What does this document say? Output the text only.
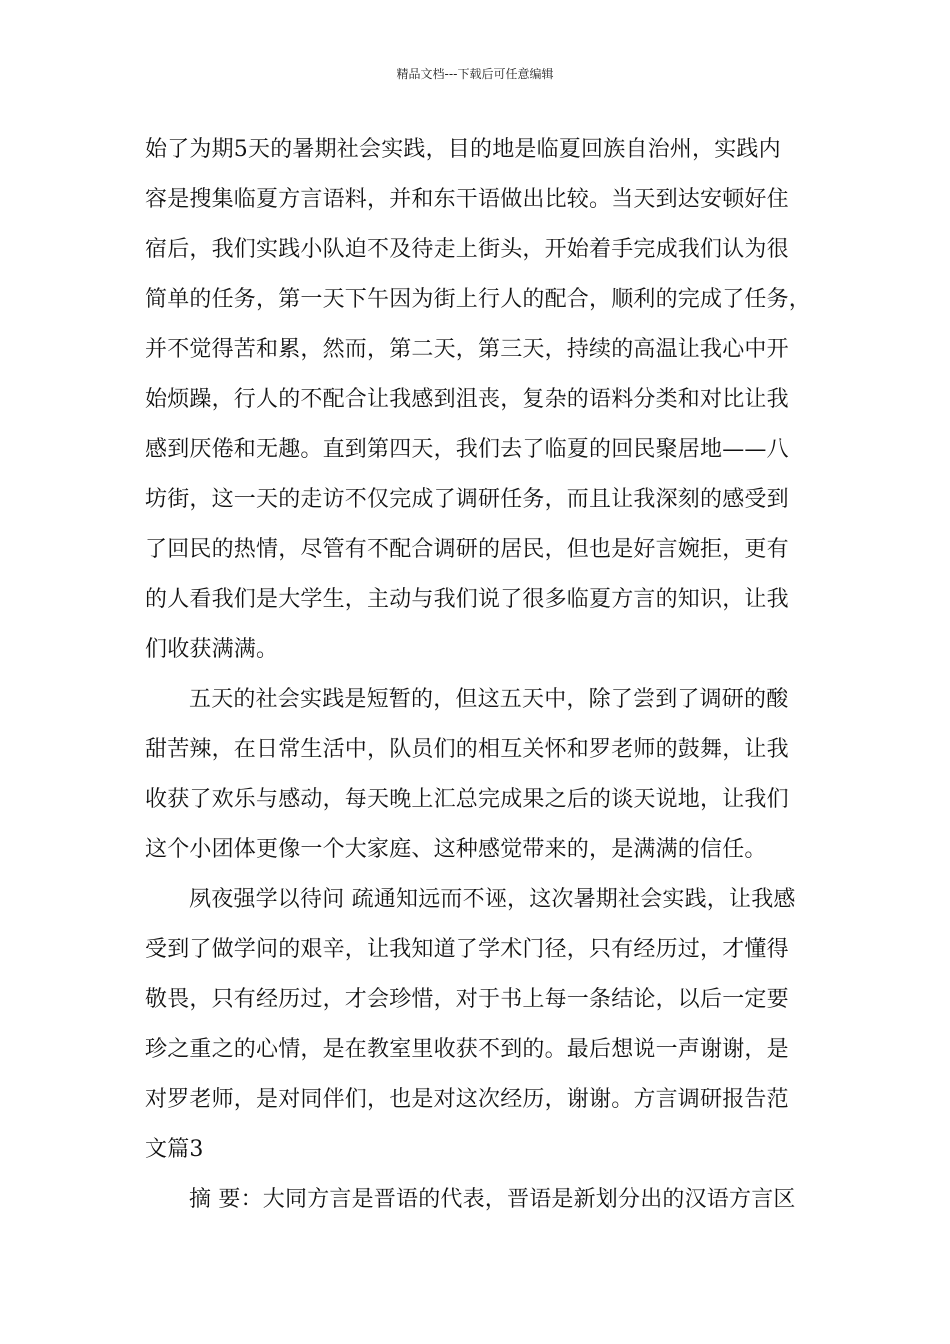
精品文档---下载后可任意编辑
始了为期5天的暑期社会实践，目的地是临夏回族自治州，实践内
容是搜集临夏方言语料，并和东干语做出比较。当天到达安顿好住
宿后，我们实践小队迫不及待走上街头，开始着手完成我们认为很
简单的任务，第一天下午因为街上行人的配合，顺利的完成了任务，
并不觉得苦和累，然而，第二天，第三天，持续的高温让我心中开
始烦躁，行人的不配合让我感到沮丧，复杂的语料分类和对比让我
感到厌倦和无趣。直到第四天，我们去了临夏的回民聚居地——八
坊街，这一天的走访不仅完成了调研任务，而且让我深刻的感受到
了回民的热情，尽管有不配合调研的居民，但也是好言婉拒，更有
的人看我们是大学生，主动与我们说了很多临夏方言的知识，让我
们收获满满。
五天的社会实践是短暂的，但这五天中，除了尝到了调研的酸
甜苦辣，在日常生活中，队员们的相互关怀和罗老师的鼓舞，让我
收获了欢乐与感动，每天晚上汇总完成果之后的谈天说地，让我们
这个小团体更像一个大家庭、这种感觉带来的，是满满的信任。
夙夜强学以待问 疏通知远而不诬，这次暑期社会实践，让我感
受到了做学问的艰辛，让我知道了学术门径，只有经历过，才懂得
敬畏，只有经历过，才会珍惜，对于书上每一条结论，以后一定要
珍之重之的心情，是在教室里收获不到的。最后想说一声谢谢，是
对罗老师，是对同伴们，也是对这次经历，谢谢。方言调研报告范
文篇3
摘 要：大同方言是晋语的代表，晋语是新划分出的汉语方言区
